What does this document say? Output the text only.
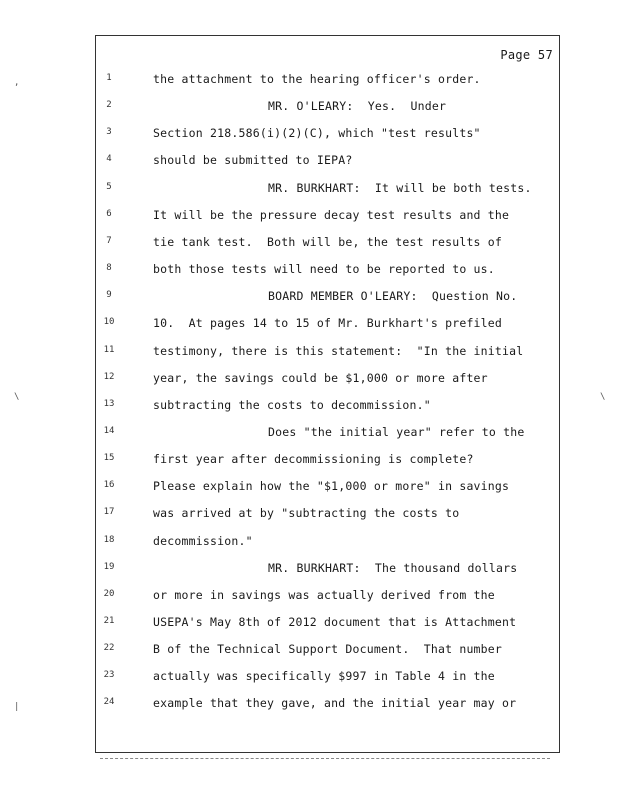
,
\	\
|
Page 57
1	the attachment to the hearing officer's order.
2	MR. O'LEARY:  Yes.  Under
3	Section 218.586(i)(2)(C), which "test results"
4	should be submitted to IEPA?
5	MR. BURKHART:  It will be both tests.
6	It will be the pressure decay test results and the
7	tie tank test.  Both will be, the test results of
8	both those tests will need to be reported to us.
9	BOARD MEMBER O'LEARY:  Question No.
10	10.  At pages 14 to 15 of Mr. Burkhart's prefiled
11	testimony, there is this statement:  "In the initial
12	year, the savings could be $1,000 or more after
13	subtracting the costs to decommission."
14	Does "the initial year" refer to the
15	first year after decommissioning is complete?
16	Please explain how the "$1,000 or more" in savings
17	was arrived at by "subtracting the costs to
18	decommission."
19	MR. BURKHART:  The thousand dollars
20	or more in savings was actually derived from the
21	USEPA's May 8th of 2012 document that is Attachment
22	B of the Technical Support Document.  That number
23	actually was specifically $997 in Table 4 in the
24	example that they gave, and the initial year may or
